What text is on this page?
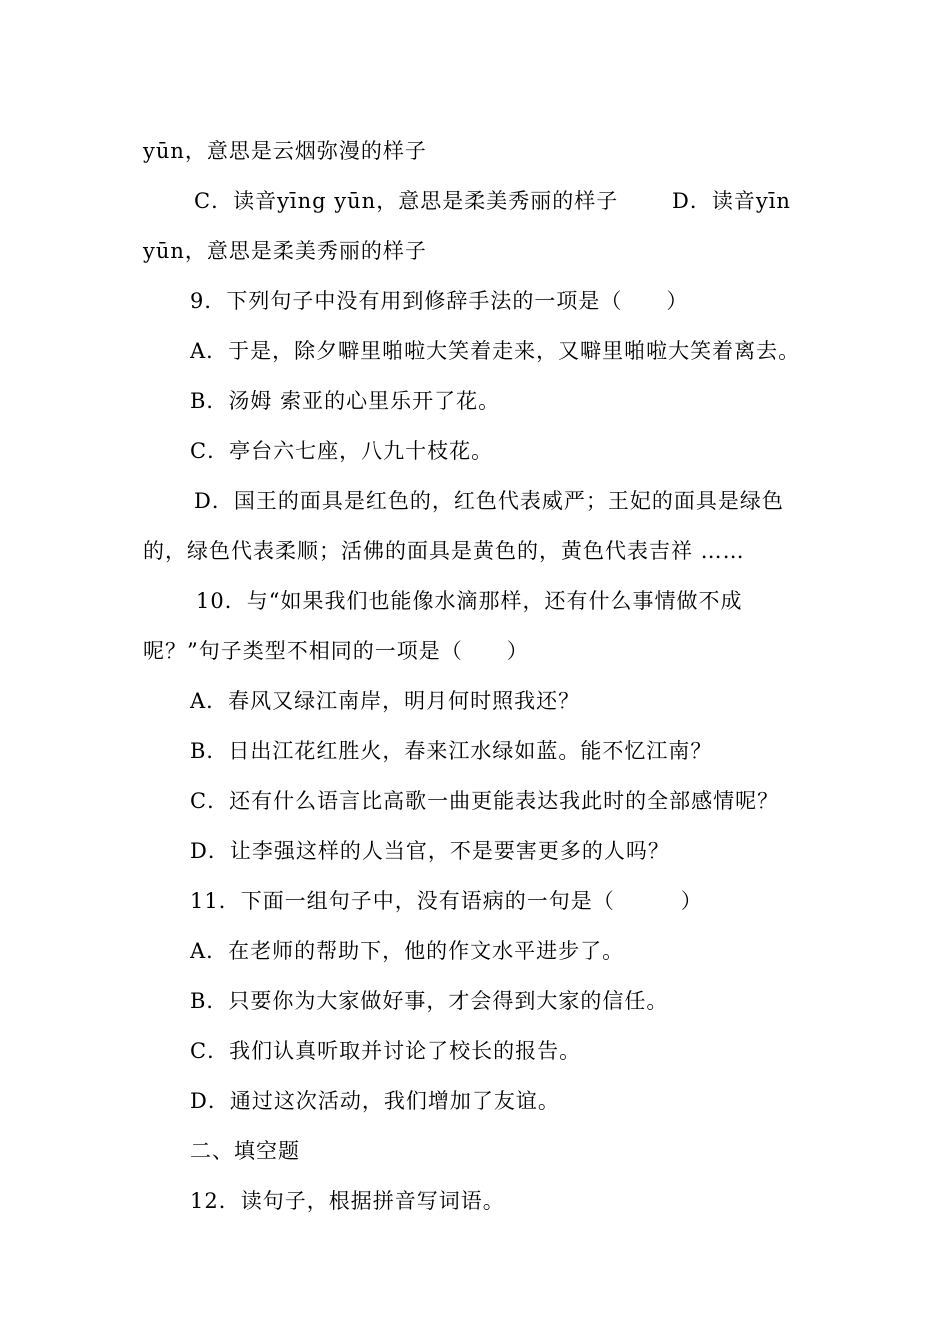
yūn，意思是云烟弥漫的样子
C．读音yīng yūn，意思是柔美秀丽的样子	D．读音yīn
yūn，意思是柔美秀丽的样子
9．下列句子中没有用到修辞手法的一项是（　　）
A．于是，除夕噼里啪啦大笑着走来，又噼里啪啦大笑着离去。
B．汤姆 索亚的心里乐开了花。
C．亭台六七座，八九十枝花。
D．国王的面具是红色的，红色代表威严；王妃的面具是绿色
的，绿色代表柔顺；活佛的面具是黄色的，黄色代表吉祥 ……
10．与“如果我们也能像水滴那样，还有什么事情做不成
呢？”句子类型不相同的一项是（　　）
A．春风又绿江南岸，明月何时照我还？
B．日出江花红胜火，春来江水绿如蓝。能不忆江南？
C．还有什么语言比高歌一曲更能表达我此时的全部感情呢？
D．让李强这样的人当官，不是要害更多的人吗？
11．下面一组句子中，没有语病的一句是（　　　）
A．在老师的帮助下，他的作文水平进步了。
B．只要你为大家做好事，才会得到大家的信任。
C．我们认真听取并讨论了校长的报告。
D．通过这次活动，我们增加了友谊。
二、填空题
12．读句子，根据拼音写词语。
